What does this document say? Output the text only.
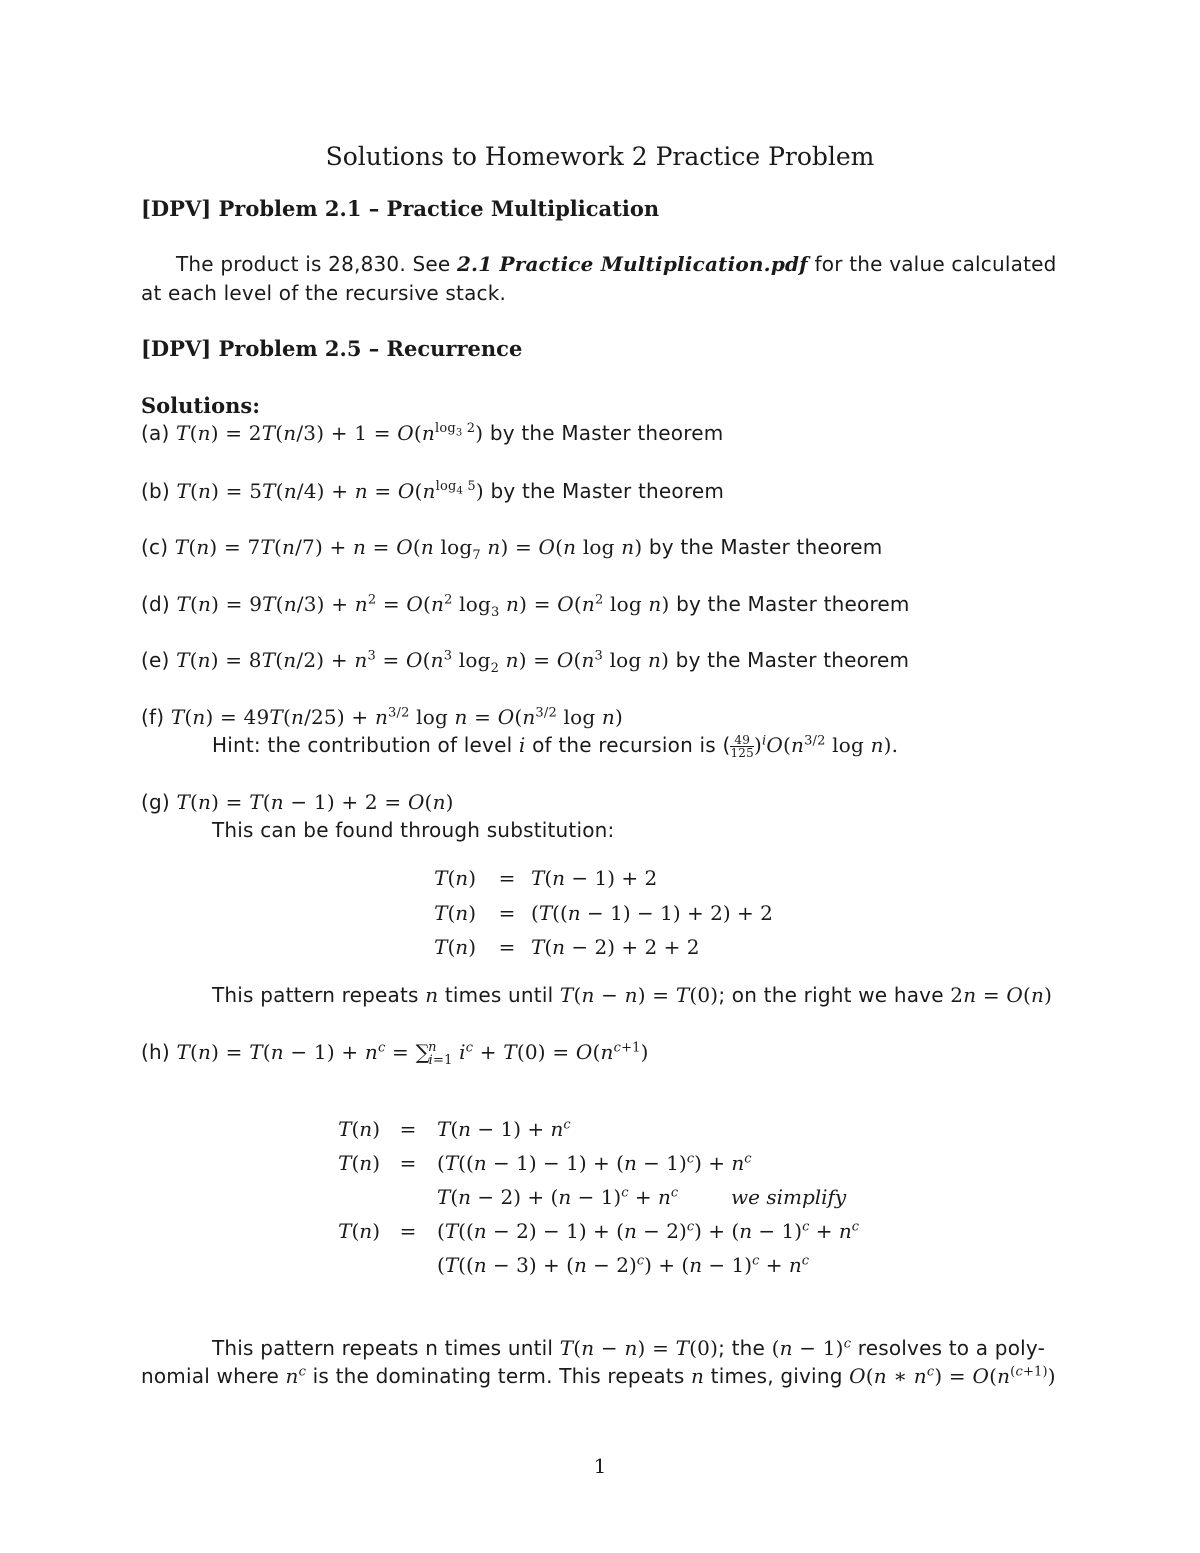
Solutions to Homework 2 Practice Problem
[DPV] Problem 2.1 – Practice Multiplication
The product is 28,830. See 2.1 Practice Multiplication.pdf for the value calculated
at each level of the recursive stack.
[DPV] Problem 2.5 – Recurrence
Solutions:
(a) $T(n) = 2T(n/3) + 1 = O(n^{log_3 2})$ by the Master theorem
(b) $T(n) = 5T(n/4) + n = O(n^{log_4 5})$ by the Master theorem
(c) T(n) = 7T(n/7) + n = O(n $\log_7 n) = O(n$ log n) by the Master theorem
(d) $T(n) = 9T(n/3) + n^2 = O(n^2$ $\log_3 n) = O(n^2$ log n) by the Master theorem
(e) $T(n) = 8T(n/2) + n^3 = O(n^3$ $\log_2 n) = O(n^3$ log n) by the Master theorem
(f) $T(n) = 49T(n/25) + n^{3/2}$ $\log n = O(n^{3/2}$ log n)
Hint: the contribution of level i of the recursion is ( $\frac{49}{125} )^iO(n^{3/2}$ log n).
(g) T(n) = T(n − 1) + 2 = O(n)
This can be found through substitution:
T(n)	= T(n − 1) + 2
T(n)	= (T((n − 1) − 1) + 2) + 2
T(n)	= T(n − 2) + 2 + 2
This pattern repeats n times until T(n − n) = T(0); on the right we have 2n = O(n)
(h) $T(n) = T(n - 1) + n^c = \sum^n_{i=1}$ $i^c + T(0) = O(n^{c+1})$
T(n) =	$T(n - 1) + n^c$
T(n) =	$(T((n - 1) - 1) + (n - 1)^c) + n^c$
$T(n - 2) + (n - 1)^c + n^c$	we simplify
T(n) =	$(T((n - 2) - 1) + (n - 2)^c) + (n - 1)^c + n^c$
($T((n - 3) + (n - 2)^c) + (n - 1)^c + n^c$
This pattern repeats n times until T(n − n) = T(0); the $(n - 1)^c$ resolves to a poly-
nomial where $n^c$ is the dominating term. This repeats n times, giving O(n ∗ $n^c) = O(n^{(c+1)})$
1
